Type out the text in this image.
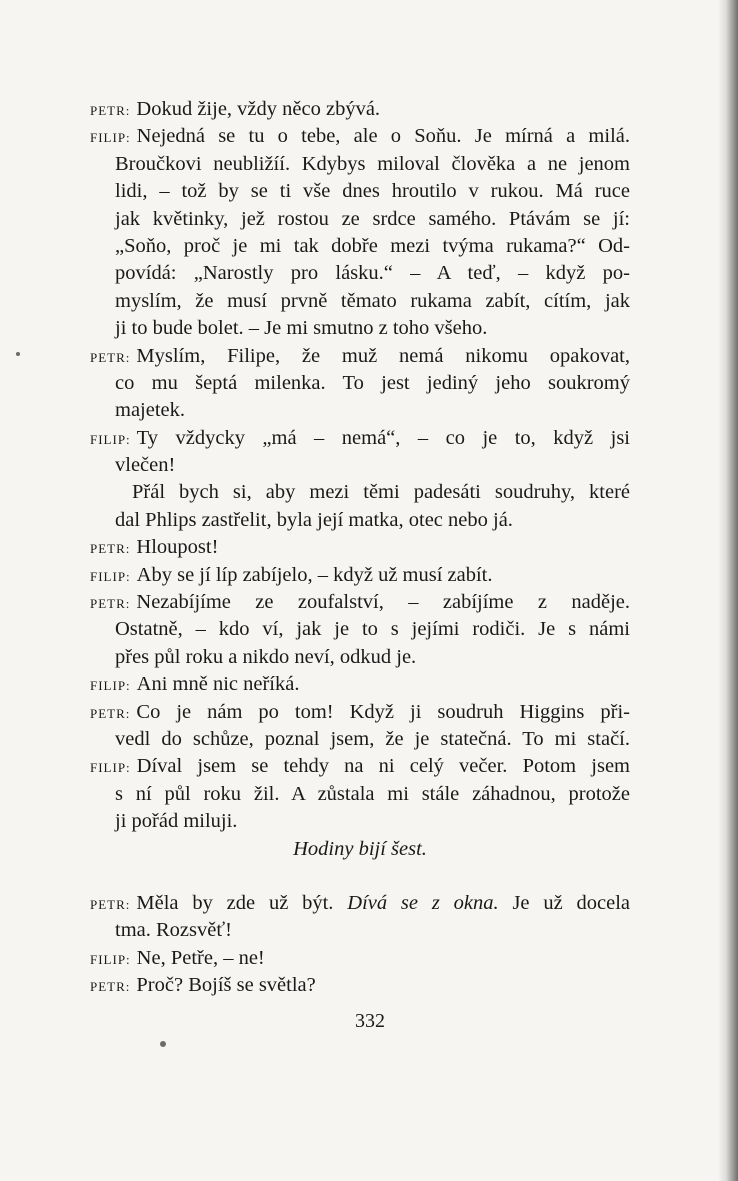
PETR: Dokud žije, vždy něco zbývá.
FILIP: Nejedná se tu o tebe, ale o Soňu. Je mírná a milá.
Broučkovi neubližíí. Kdybys miloval člověka a ne jenom
lidi, – tož by se ti vše dnes hroutilo v rukou. Má ruce
jak květinky, jež rostou ze srdce samého. Ptávám se jí:
„Soňo, proč je mi tak dobře mezi tvýma rukama?“ Od-
povídá: „Narostly pro lásku.“ – A teď, – když po-
myslím, že musí prvně těmato rukama zabít, cítím, jak
ji to bude bolet. – Je mi smutno z toho všeho.
PETR: Myslím, Filipe, že muž nemá nikomu opakovat,
co mu šeptá milenka. To jest jediný jeho soukromý
majetek.
FILIP: Ty vždycky „má – nemá“, – co je to, když jsi
vlečen!
Přál bych si, aby mezi těmi padesáti soudruhy, které
dal Phlips zastřelit, byla její matka, otec nebo já.
PETR: Hloupost!
FILIP: Aby se jí líp zabíjelo, – když už musí zabít.
PETR: Nezabíjíme ze zoufalství, – zabíjíme z naděje.
Ostatně, – kdo ví, jak je to s jejími rodiči. Je s námi
přes půl roku a nikdo neví, odkud je.
FILIP: Ani mně nic neříká.
PETR: Co je nám po tom! Když ji soudruh Higgins při-
vedl do schůze, poznal jsem, že je statečná. To mi stačí.
FILIP: Díval jsem se tehdy na ni celý večer. Potom jsem
s ní půl roku žil. A zůstala mi stále záhadnou, protože
ji pořád miluji.
Hodiny bijí šest.
PETR: Měla by zde už být. Dívá se z okna. Je už docela
tma. Rozsvěť!
FILIP: Ne, Petře, – ne!
PETR: Proč? Bojíš se světla?
332
